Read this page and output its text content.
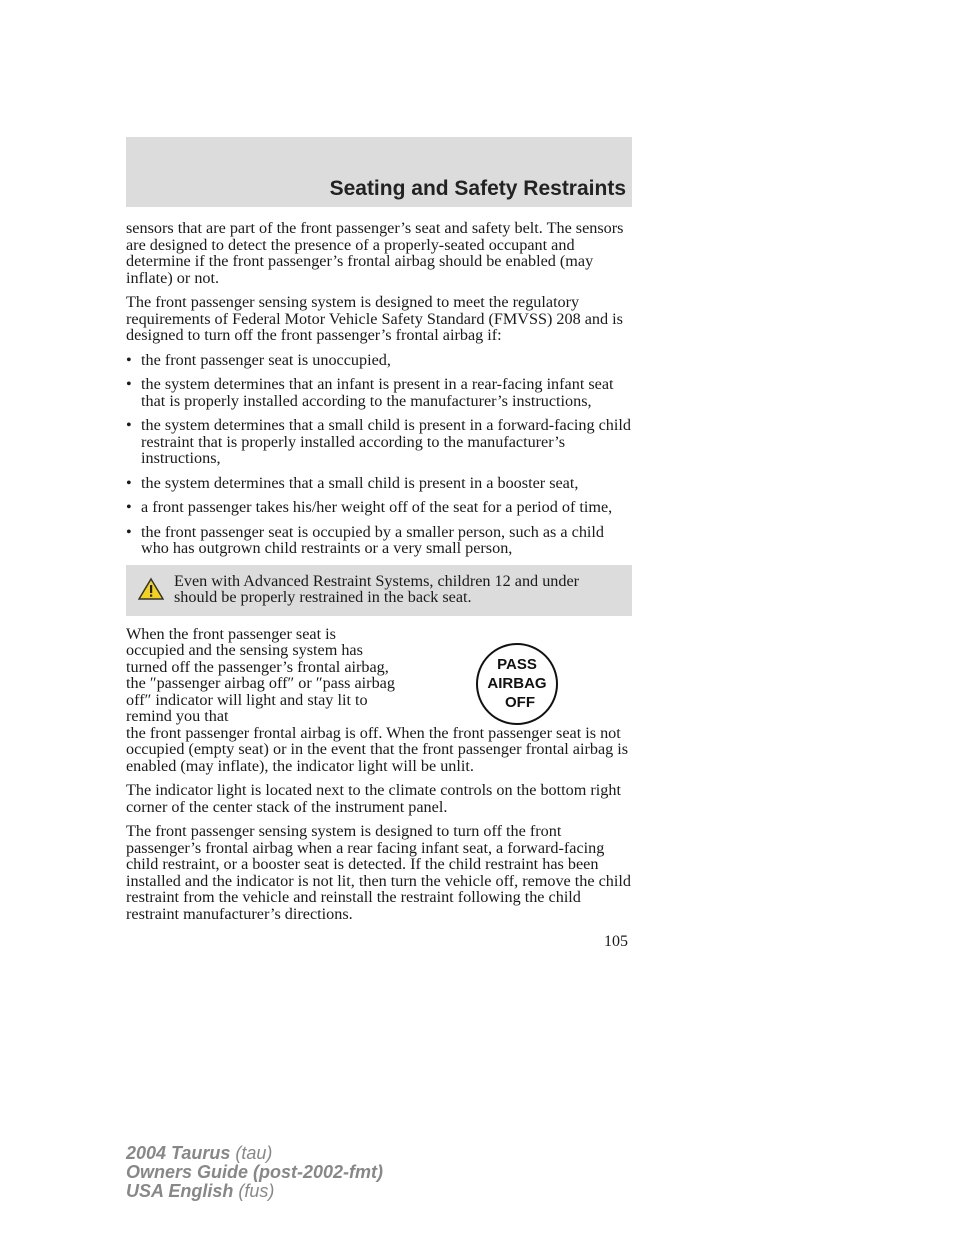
Seating and Safety Restraints

sensors that are part of the front passenger’s seat and safety belt. The sensors are designed to detect the presence of a properly-seated occupant and determine if the front passenger’s frontal airbag should be enabled (may inflate) or not.

The front passenger sensing system is designed to meet the regulatory requirements of Federal Motor Vehicle Safety Standard (FMVSS) 208 and is designed to turn off the front passenger’s frontal airbag if:

• the front passenger seat is unoccupied,
• the system determines that an infant is present in a rear-facing infant seat that is properly installed according to the manufacturer’s instructions,
• the system determines that a small child is present in a forward-facing child restraint that is properly installed according to the manufacturer’s instructions,
• the system determines that a small child is present in a booster seat,
• a front passenger takes his/her weight off of the seat for a period of time,
• the front passenger seat is occupied by a smaller person, such as a child who has outgrown child restraints or a very small person,
Even with Advanced Restraint Systems, children 12 and under should be properly restrained in the back seat.
When the front passenger seat is occupied and the sensing system has turned off the passenger’s frontal airbag, the ″passenger airbag off″ or ″pass airbag off″ indicator will light and stay lit to remind you that

the front passenger frontal airbag is off. When the front passenger seat is not occupied (empty seat) or in the event that the front passenger frontal airbag is enabled (may inflate), the indicator light will be unlit.

PASS
AIRBAG
OFF

The indicator light is located next to the climate controls on the bottom right corner of the center stack of the instrument panel.

The front passenger sensing system is designed to turn off the front passenger’s frontal airbag when a rear facing infant seat, a forward-facing child restraint, or a booster seat is detected. If the child restraint has been installed and the indicator is not lit, then turn the vehicle off, remove the child restraint from the vehicle and reinstall the restraint following the child restraint manufacturer’s directions.

105
2004 Taurus (tau)
Owners Guide (post-2002-fmt)
USA English (fus)
